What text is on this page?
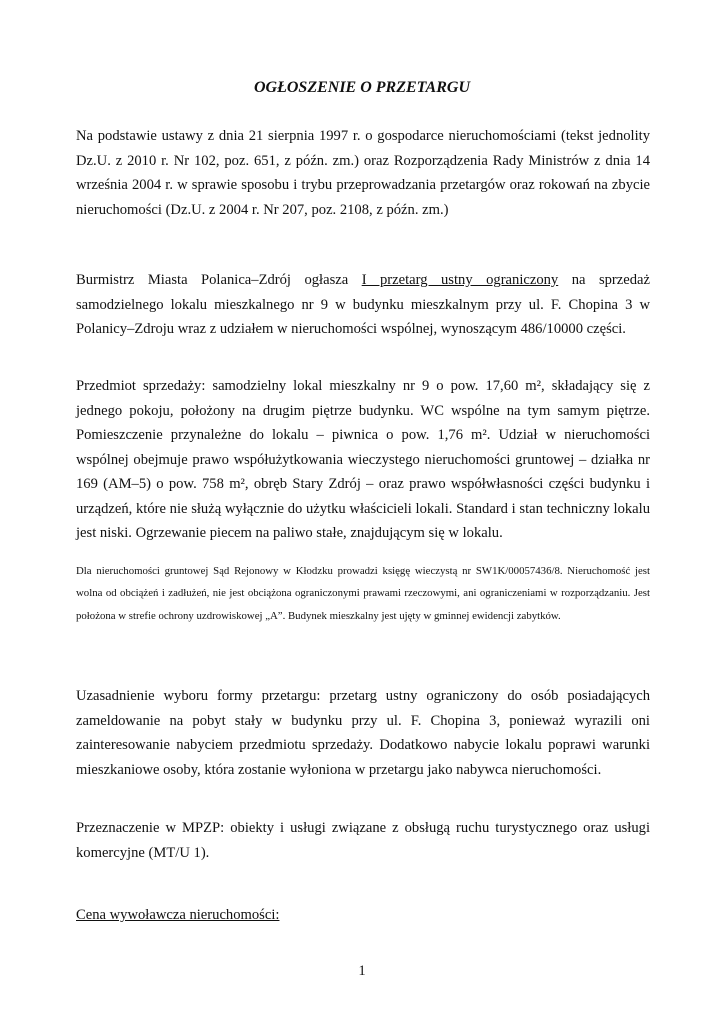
OGŁOSZENIE O PRZETARGU

Na podstawie ustawy z dnia 21 sierpnia 1997 r. o gospodarce nieruchomościami (tekst jednolity Dz.U. z 2010 r. Nr 102, poz. 651, z późn. zm.) oraz Rozporządzenia Rady Ministrów z dnia 14 września 2004 r. w sprawie sposobu i trybu przeprowadzania przetargów oraz rokowań na zbycie nieruchomości (Dz.U. z 2004 r. Nr 207, poz. 2108, z późn. zm.)

Burmistrz Miasta Polanica–Zdrój ogłasza I przetarg ustny ograniczony na sprzedaż samodzielnego lokalu mieszkalnego nr 9 w budynku mieszkalnym przy ul. F. Chopina 3 w Polanicy–Zdroju wraz z udziałem w nieruchomości wspólnej, wynoszącym 486/10000 części.

Przedmiot sprzedaży: samodzielny lokal mieszkalny nr 9 o pow. 17,60 m², składający się z jednego pokoju, położony na drugim piętrze budynku. WC wspólne na tym samym piętrze. Pomieszczenie przynależne do lokalu – piwnica o pow. 1,76 m². Udział w nieruchomości wspólnej obejmuje prawo współużytkowania wieczystego nieruchomości gruntowej – działka nr 169 (AM–5) o pow. 758 m², obręb Stary Zdrój – oraz prawo współwłasności części budynku i urządzeń, które nie służą wyłącznie do użytku właścicieli lokali. Standard i stan techniczny lokalu jest niski. Ogrzewanie piecem na paliwo stałe, znajdującym się w lokalu.

Dla nieruchomości gruntowej Sąd Rejonowy w Kłodzku prowadzi księgę wieczystą nr SW1K/00057436/8. Nieruchomość jest wolna od obciążeń i zadłużeń, nie jest obciążona ograniczonymi prawami rzeczowymi, ani ograniczeniami w rozporządzaniu. Jest położona w strefie ochrony uzdrowiskowej „A”. Budynek mieszkalny jest ujęty w gminnej ewidencji zabytków.

Uzasadnienie wyboru formy przetargu: przetarg ustny ograniczony do osób posiadających zameldowanie na pobyt stały w budynku przy ul. F. Chopina 3, ponieważ wyrazili oni zainteresowanie nabyciem przedmiotu sprzedaży. Dodatkowo nabycie lokalu poprawi warunki mieszkaniowe osoby, która zostanie wyłoniona w przetargu jako nabywca nieruchomości.

Przeznaczenie w MPZP: obiekty i usługi związane z obsługą ruchu turystycznego oraz usługi komercyjne (MT/U 1).

Cena wywoławcza nieruchomości:

1
